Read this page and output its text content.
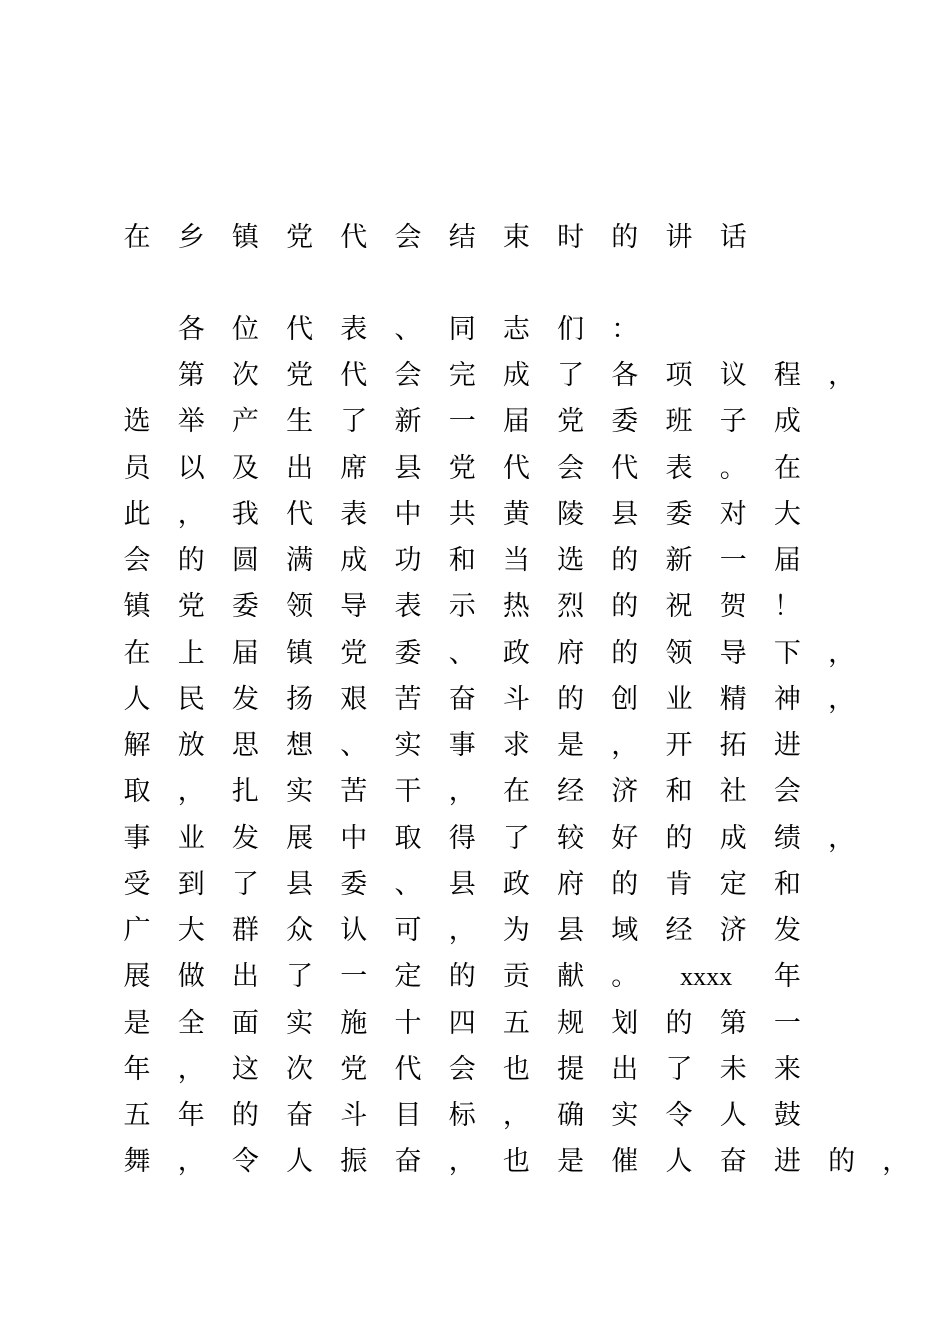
在 乡 镇 党 代 会 结 束 时 的 讲 话
各 位 代 表 、 同 志 们 ：
第 次 党 代 会 完 成 了 各 项 议 程 ，
选 举 产 生 了 新 一 届 党 委 班 子 成
员 以 及 出 席 县 党 代 会 代 表 。 在
此 ， 我 代 表 中 共 黄 陵 县 委 对 大
会 的 圆 满 成 功 和 当 选 的 新 一 届
镇 党 委 领 导 表 示 热 烈 的 祝 贺 ！
在 上 届 镇 党 委 、 政 府 的 领 导 下 ，
人 民 发 扬 艰 苦 奋 斗 的 创 业 精 神 ，
解 放 思 想 、 实 事 求 是 ， 开 拓 进
取 ， 扎 实 苦 干 ， 在 经 济 和 社 会
事 业 发 展 中 取 得 了 较 好 的 成 绩 ，
受 到 了 县 委 、 县 政 府 的 肯 定 和
广 大 群 众 认 可 ， 为 县 域 经 济 发
展 做 出 了 一 定 的 贡 献 。	xxxx	年
是 全 面 实 施 十 四 五 规 划 的 第 一
年 ， 这 次 党 代 会 也 提 出 了 未 来
五 年 的 奋 斗 目 标 ， 确 实 令 人 鼓
舞 ， 令 人 振 奋 ， 也 是 催 人 奋 进 的 ，
